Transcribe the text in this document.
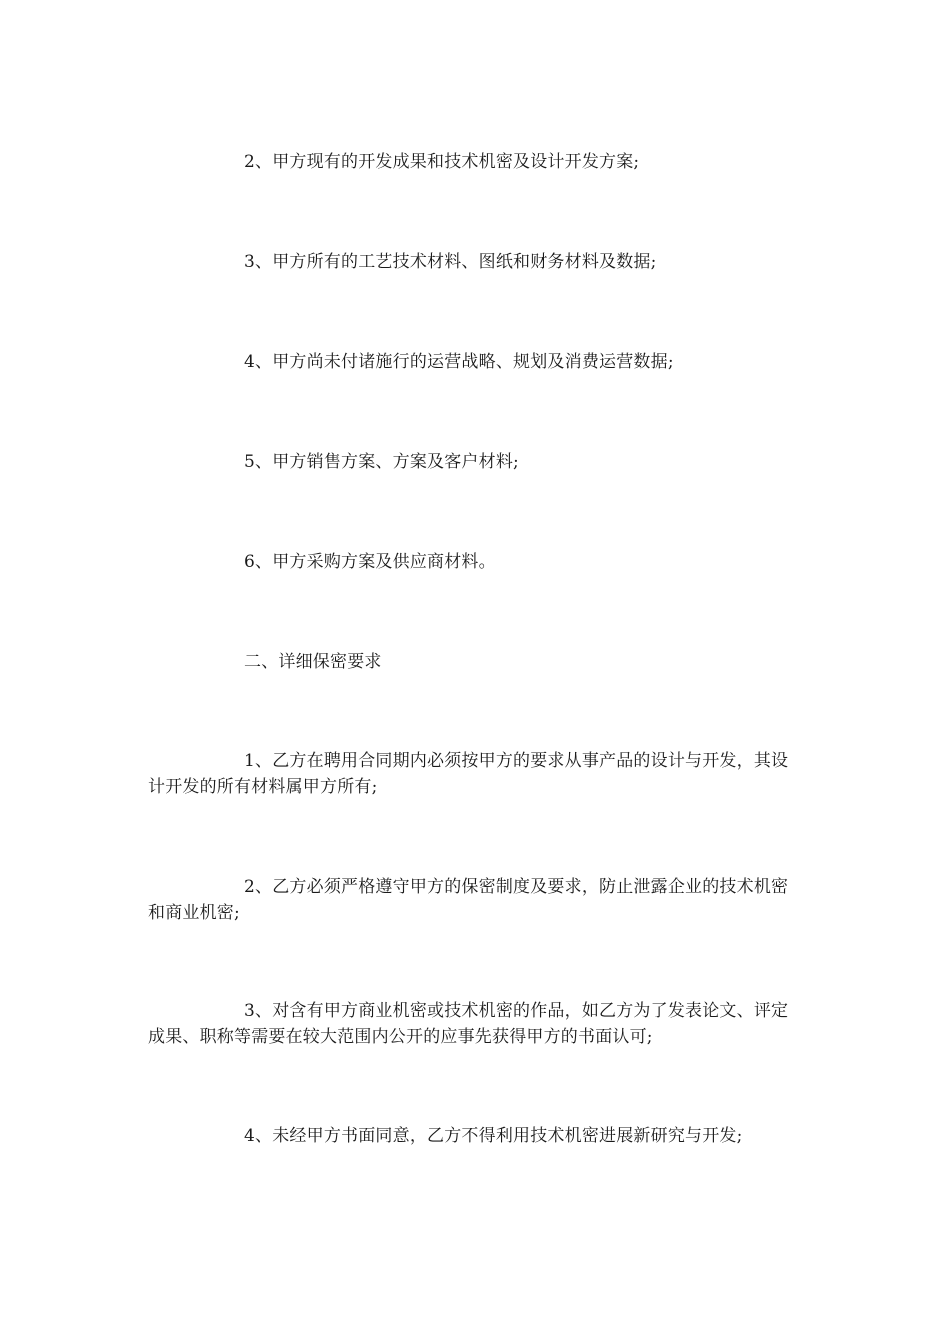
2、甲方现有的开发成果和技术机密及设计开发方案;

3、甲方所有的工艺技术材料、图纸和财务材料及数据;

4、甲方尚未付诸施行的运营战略、规划及消费运营数据;

5、甲方销售方案、方案及客户材料;

6、甲方采购方案及供应商材料。

二、详细保密要求

1、乙方在聘用合同期内必须按甲方的要求从事产品的设计与开发，其设计开发的所有材料属甲方所有;

2、乙方必须严格遵守甲方的保密制度及要求，防止泄露企业的技术机密和商业机密;

3、对含有甲方商业机密或技术机密的作品，如乙方为了发表论文、评定成果、职称等需要在较大范围内公开的应事先获得甲方的书面认可;

4、未经甲方书面同意，乙方不得利用技术机密进展新研究与开发;
